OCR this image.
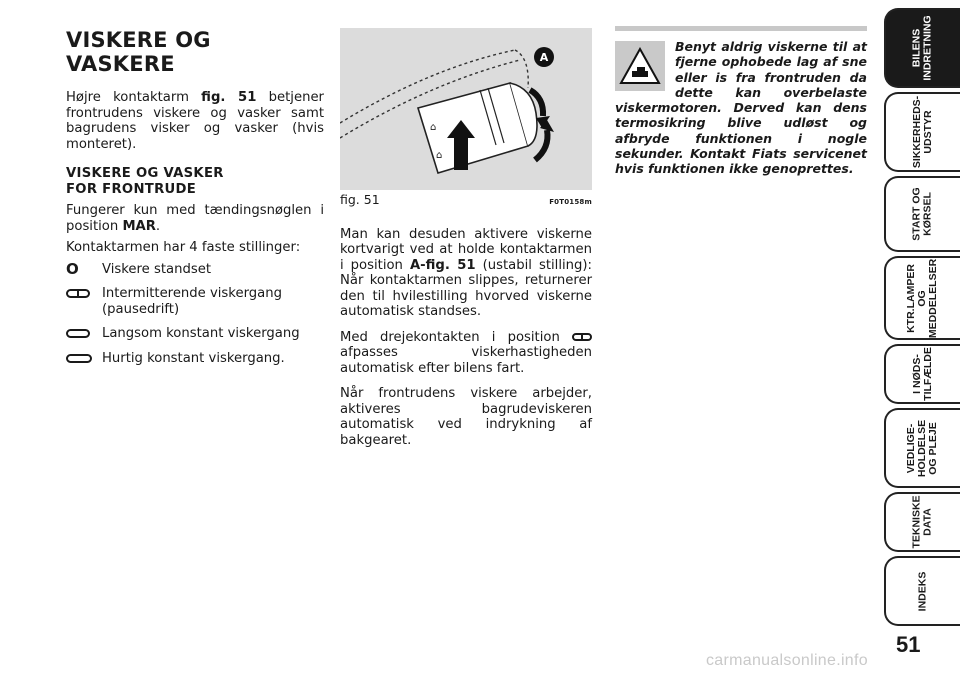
VISKERE OG VASKERE

Højre kontaktarm fig. 51 betjener frontrudens viskere og vasker samt bagrudens visker og vasker (hvis monteret).

VISKERE OG VASKER
FOR FRONTRUDE

Fungerer kun med tændingsnøglen i position MAR.

Kontaktarmen har 4 faste stillinger:

O Viskere standset
Intermitterende viskergang (pausedrift)
Langsom konstant viskergang
Hurtig konstant viskergang.
A
⌂
⌂
fig. 51	F0T0158m

Man kan desuden aktivere viskerne kortvarigt ved at holde kontaktarmen i position A-fig. 51 (ustabil stilling): Når kontaktarmen slippes, returnerer den til hvilestilling hvorved viskerne automatisk standses.

Med drejekontakten i position
afpasses viskerhastigheden automatisk efter bilens fart.

Når frontrudens viskere arbejder, aktiveres bagrudeviskeren automatisk ved indrykning af bakgearet.

Benyt aldrig viskerne til at fjerne ophobede lag af sne eller is fra frontruden da dette kan overbelaste viskermotoren. Derved kan dens termosikring blive udløst og afbryde funktionen i nogle sekunder. Kontakt Fiats servicenet hvis funktionen ikke genoprettes.
BILENS
INDRETNING
SIKKERHEDS-
UDSTYR
START OG
KØRSEL
KTR.LAMPER
OG
MEDDELELSER
I NØDS-
TILFÆLDE
VEDLIGE-
HOLDELSE
OG PLEJE
TEKNISKE
DATA
INDEKS
51
carmanualsonline.info
